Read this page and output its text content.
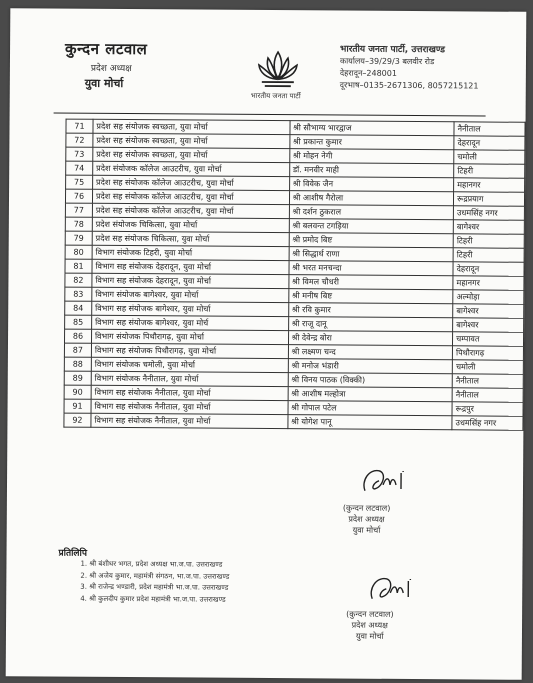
कुन्दन लटवाल
प्रदेश अध्यक्ष
युवा मोर्चा
भारतीय जनता पार्टी
भारतीय जनता पार्टी, उत्तराखण्ड
कार्यालय–39/29/3 बलवीर रोड
देहरादून–248001
दूरभाष–0135-2671306, 8057215121
71	प्रदेश सह संयोजक स्वच्छता, युवा मोर्चा	श्री सौभाग्य भारद्वाज	नैनीताल
72	प्रदेश सह संयोजक स्वच्छता, युवा मोर्चा	श्री प्रकान्त कुमार	देहरादून
73	प्रदेश सह संयोजक स्वच्छता, युवा मोर्चा	श्री मोहन नेगी	चमोली
74	प्रदेश संयोजक कॉलेज आउटरीच, युवा मोर्चा	डॉ. मनवीर माही	टिहरी
75	प्रदेश सह संयोजक कॉलेज आउटरीच, युवा मोर्चा	श्री विवेक जैन	महानगर
76	प्रदेश सह संयोजक कॉलेज आउटरीच, युवा मोर्चा	श्री आशीष गैरोला	रूद्रप्रयाग
77	प्रदेश सह संयोजक कॉलेज आउटरीच, युवा मोर्चा	श्री दर्शन ठुकराल	उधमसिंह नगर
78	प्रदेश संयोजक चिकित्सा, युवा मोर्चा	श्री बलवन्त टगड़िया	बागेश्वर
79	प्रदेश सह संयोजक चिकित्सा, युवा मोर्चा	श्री प्रमोद बिष्ट	टिहरी
80	विभाग संयोजक टिहरी, युवा मोर्चा	श्री सिद्धार्थ राणा	टिहरी
81	विभाग सह संयोजक देहरादून, युवा मोर्चा	श्री भरत मनचन्दा	देहरादून
82	विभाग सह संयोजक देहरादून, युवा मोर्चा	श्री विमल चौधरी	महानगर
83	विभाग संयोजक बागेश्वर, युवा मोर्चा	श्री मनीष बिष्ट	अल्मोड़ा
84	विभाग सह संयोजक बागेश्वर, युवा मोर्चा	श्री रवि कुमार	बागेश्वर
85	विभाग सह संयोजक बागेश्वर, युवा मोर्च	श्री राजू दानू	बागेश्वर
86	विभाग संयोजक पिथौरागढ़, युवा मोर्चा	श्री देवेन्द्र बोरा	चम्पावत
87	विभाग सह संयोजक पिथौरागढ़, युवा मोर्चा	श्री लक्ष्मण चन्द	पिथौरागढ़
88	विभाग संयोजक चमोली, युवा मोर्चा	श्री मनोज भंडारी	चमोली
89	विभाग संयोजक नैनीताल, युवा मोर्चा	श्री विनय पाठक (विक्की)	नैनीताल
90	विभाग सह संयोजक नैनीताल, युवा मोर्चा	श्री आशीष मल्होत्रा	नैनीताल
91	विभाग सह संयोजक नैनीताल, युवा मोर्चा	श्री गोपाल पटेल	रूद्रपुर
92	विभाग सह संयोजक नैनीताल, युवा मोर्चा	श्री योगेश पानू	उधमसिंह नगर
(कुन्दन लटवाल)
प्रदेश अध्यक्ष
युवा मोर्चा
प्रतिलिपि
1. श्री बंशीधर भगत, प्रदेश अध्यक्ष भा.ज.पा. उत्तराखण्ड
2. श्री अजेय कुमार, महामंत्री संगठन, भा.ज.पा. उत्तराखण्ड
3. श्री राजेन्द्र भण्डारी, प्रदेश महामंत्री भा.ज.पा. उत्तराखण्ड
4. श्री कुलदीप कुमार प्रदेश महामंत्री भा.ज.पा. उत्तराखण्ड
(कुन्दन लटवाल)
प्रदेश अध्यक्ष
युवा मोर्चा
